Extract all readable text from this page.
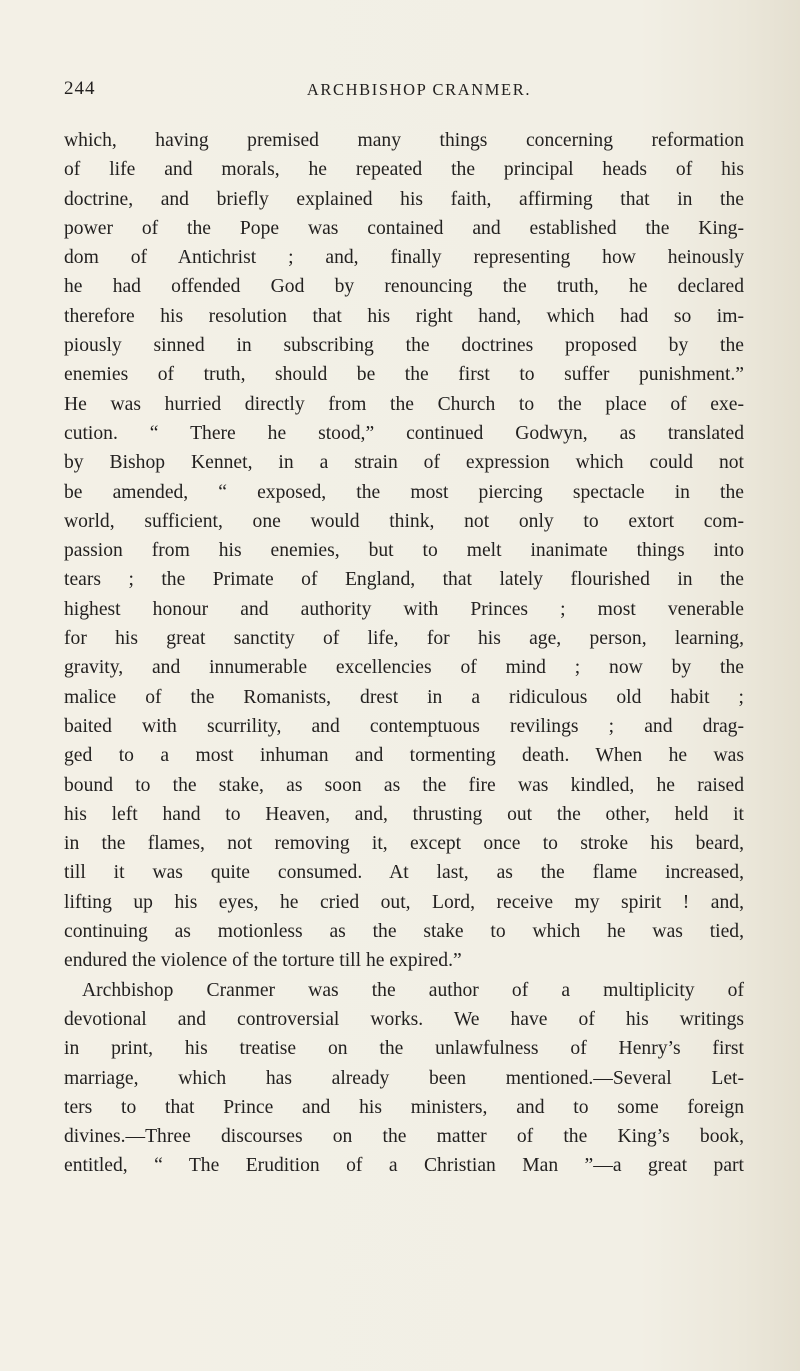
244	ARCHBISHOP CRANMER.
which, having premised many things concerning reformation
of life and morals, he repeated the principal heads of his
doctrine, and briefly explained his faith, affirming that in the
power of the Pope was contained and established the King-
dom of Antichrist ; and, finally representing how heinously
he had offended God by renouncing the truth, he declared
therefore his resolution that his right hand, which had so im-
piously sinned in subscribing the doctrines proposed by the
enemies of truth, should be the first to suffer punishment.”
He was hurried directly from the Church to the place of exe-
cution. “ There he stood,” continued Godwyn, as translated
by Bishop Kennet, in a strain of expression which could not
be amended, “ exposed, the most piercing spectacle in the
world, sufficient, one would think, not only to extort com-
passion from his enemies, but to melt inanimate things into
tears ; the Primate of England, that lately flourished in the
highest honour and authority with Princes ; most venerable
for his great sanctity of life, for his age, person, learning,
gravity, and innumerable excellencies of mind ; now by the
malice of the Romanists, drest in a ridiculous old habit ;
baited with scurrility, and contemptuous revilings ; and drag-
ged to a most inhuman and tormenting death. When he was
bound to the stake, as soon as the fire was kindled, he raised
his left hand to Heaven, and, thrusting out the other, held it
in the flames, not removing it, except once to stroke his beard,
till it was quite consumed. At last, as the flame increased,
lifting up his eyes, he cried out, Lord, receive my spirit ! and,
continuing as motionless as the stake to which he was tied,
endured the violence of the torture till he expired.”
Archbishop Cranmer was the author of a multiplicity of
devotional and controversial works. We have of his writings
in print, his treatise on the unlawfulness of Henry’s first
marriage, which has already been mentioned.—Several Let-
ters to that Prince and his ministers, and to some foreign
divines.—Three discourses on the matter of the King’s book,
entitled, “ The Erudition of a Christian Man ”—a great part
